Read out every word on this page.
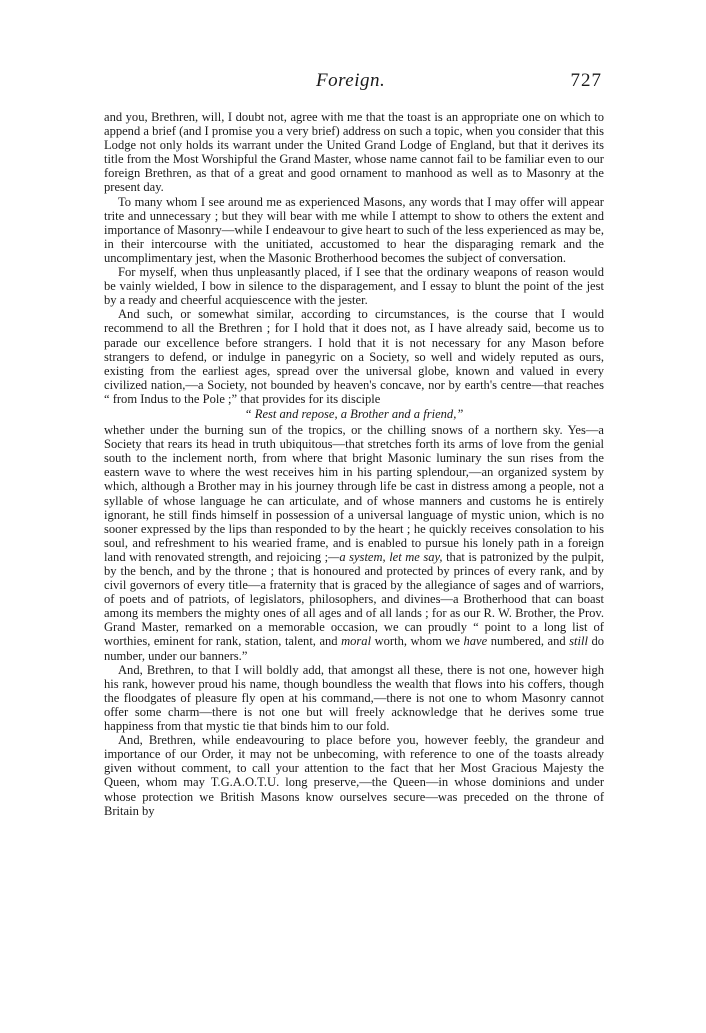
Foreign.	727

and you, Brethren, will, I doubt not, agree with me that the toast is an appropriate one on which to append a brief (and I promise you a very brief) address on such a topic, when you consider that this Lodge not only holds its warrant under the United Grand Lodge of England, but that it derives its title from the Most Worshipful the Grand Master, whose name cannot fail to be familiar even to our foreign Brethren, as that of a great and good ornament to manhood as well as to Masonry at the present day.

To many whom I see around me as experienced Masons, any words that I may offer will appear trite and unnecessary ; but they will bear with me while I attempt to show to others the extent and importance of Masonry—while I endeavour to give heart to such of the less experienced as may be, in their intercourse with the unitiated, accustomed to hear the disparaging remark and the uncomplimentary jest, when the Masonic Brotherhood becomes the subject of conversation.

For myself, when thus unpleasantly placed, if I see that the ordinary weapons of reason would be vainly wielded, I bow in silence to the disparagement, and I essay to blunt the point of the jest by a ready and cheerful acquiescence with the jester.

And such, or somewhat similar, according to circumstances, is the course that I would recommend to all the Brethren ; for I hold that it does not, as I have already said, become us to parade our excellence before strangers. I hold that it is not necessary for any Mason before strangers to defend, or indulge in panegyric on a Society, so well and widely reputed as ours, existing from the earliest ages, spread over the universal globe, known and valued in every civilized nation,—a Society, not bounded by heaven's concave, nor by earth's centre—that reaches “ from Indus to the Pole ;” that provides for its disciple

“ Rest and repose, a Brother and a friend,”

whether under the burning sun of the tropics, or the chilling snows of a northern sky. Yes—a Society that rears its head in truth ubiquitous—that stretches forth its arms of love from the genial south to the inclement north, from where that bright Masonic luminary the sun rises from the eastern wave to where the west receives him in his parting splendour,—an organized system by which, although a Brother may in his journey through life be cast in distress among a people, not a syllable of whose language he can articulate, and of whose manners and customs he is entirely ignorant, he still finds himself in possession of a universal language of mystic union, which is no sooner expressed by the lips than responded to by the heart ; he quickly receives consolation to his soul, and refreshment to his wearied frame, and is enabled to pursue his lonely path in a foreign land with renovated strength, and rejoicing ;—a system, let me say, that is patronized by the pulpit, by the bench, and by the throne ; that is honoured and protected by princes of every rank, and by civil governors of every title—a fraternity that is graced by the allegiance of sages and of warriors, of poets and of patriots, of legislators, philosophers, and divines—a Brotherhood that can boast among its members the mighty ones of all ages and of all lands ; for as our R. W. Brother, the Prov. Grand Master, remarked on a memorable occasion, we can proudly “ point to a long list of worthies, eminent for rank, station, talent, and moral worth, whom we have numbered, and still do number, under our banners.”

And, Brethren, to that I will boldly add, that amongst all these, there is not one, however high his rank, however proud his name, though boundless the wealth that flows into his coffers, though the floodgates of pleasure fly open at his command,—there is not one to whom Masonry cannot offer some charm—there is not one but will freely acknowledge that he derives some true happiness from that mystic tie that binds him to our fold.

And, Brethren, while endeavouring to place before you, however feebly, the grandeur and importance of our Order, it may not be unbecoming, with reference to one of the toasts already given without comment, to call your attention to the fact that her Most Gracious Majesty the Queen, whom may T.G.A.O.T.U. long preserve,—the Queen—in whose dominions and under whose protection we British Masons know ourselves secure—was preceded on the throne of Britain by
